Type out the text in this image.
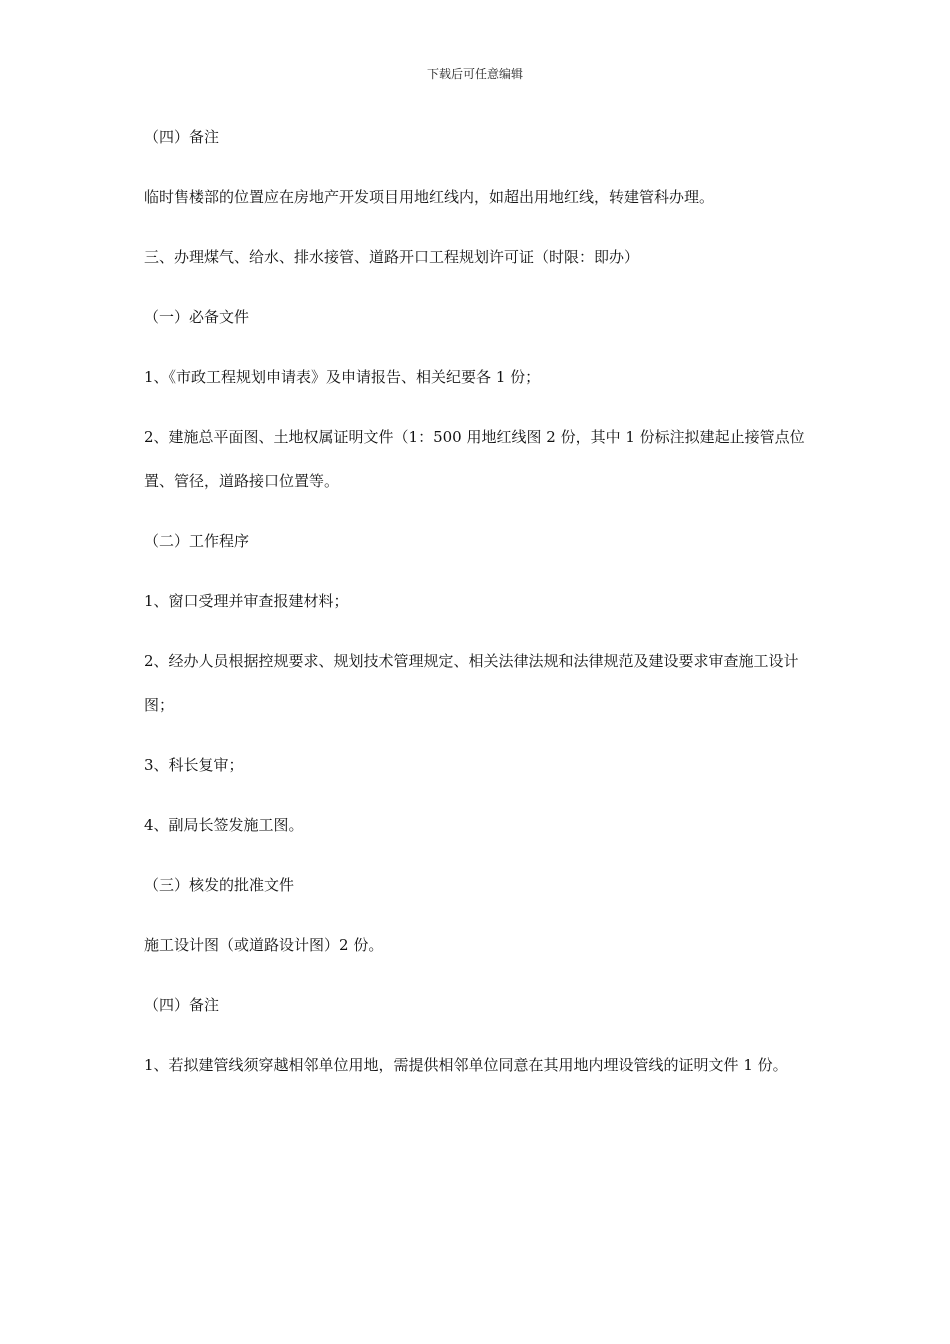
下载后可任意编辑

（四）备注

临时售楼部的位置应在房地产开发项目用地红线内，如超出用地红线，转建管科办理。

三、办理煤气、给水、排水接管、道路开口工程规划许可证（时限：即办）

（一）必备文件

1、《市政工程规划申请表》及申请报告、相关纪要各 1 份；

2、建施总平面图、土地权属证明文件（1：500 用地红线图 2 份，其中 1 份标注拟建起止接管点位置、管径，道路接口位置等。

（二）工作程序

1、窗口受理并审查报建材料；

2、经办人员根据控规要求、规划技术管理规定、相关法律法规和法律规范及建设要求审查施工设计图；

3、科长复审；

4、副局长签发施工图。

（三）核发的批准文件

施工设计图（或道路设计图）2 份。

（四）备注

1、若拟建管线须穿越相邻单位用地，需提供相邻单位同意在其用地内埋设管线的证明文件 1 份。
